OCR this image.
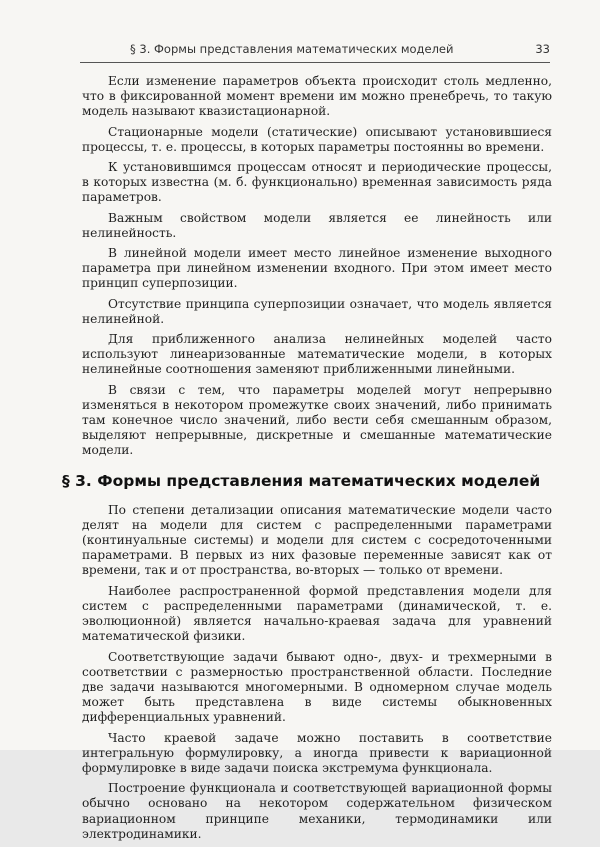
§ 3. Формы представления математических моделей	33

Если изменение параметров объекта происходит столь медленно, что в фиксированной момент времени им можно пренебречь, то такую модель называют квазистационарной.

Стационарные модели (статические) описывают установившиеся процессы, т. е. процессы, в которых параметры постоянны во времени.

К установившимся процессам относят и периодические процессы, в которых известна (м. б. функционально) временная зависимость ряда параметров.

Важным свойством модели является ее линейность или нелинейность.

В линейной модели имеет место линейное изменение выходного параметра при линейном изменении входного. При этом имеет место принцип суперпозиции.

Отсутствие принципа суперпозиции означает, что модель является нелинейной.

Для приближенного анализа нелинейных моделей часто используют линеаризованные математические модели, в которых нелинейные соотношения заменяют приближенными линейными.

В связи с тем, что параметры моделей могут непрерывно изменяться в некотором промежутке своих значений, либо принимать там конечное число значений, либо вести себя смешанным образом, выделяют непрерывные, дискретные и смешанные математические модели.

§ 3. Формы представления математических моделей

По степени детализации описания математические модели часто делят на модели для систем с распределенными параметрами (континуальные системы) и модели для систем с сосредоточенными параметрами. В первых из них фазовые переменные зависят как от времени, так и от пространства, во-вторых — только от времени.

Наиболее распространенной формой представления модели для систем с распределенными параметрами (динамической, т. е. эволюционной) является начально-краевая задача для уравнений математической физики.

Соответствующие задачи бывают одно-, двух- и трехмерными в соответствии с размерностью пространственной области. Последние две задачи называются многомерными. В одномерном случае модель может быть представлена в виде системы обыкновенных дифференциальных уравнений.

Часто краевой задаче можно поставить в соответствие интегральную формулировку, а иногда привести к вариационной формулировке в виде задачи поиска экстремума функционала.

Построение функционала и соответствующей вариационной формы обычно основано на некотором содержательном физическом вариационном принципе механики, термодинамики или электродинамики.
